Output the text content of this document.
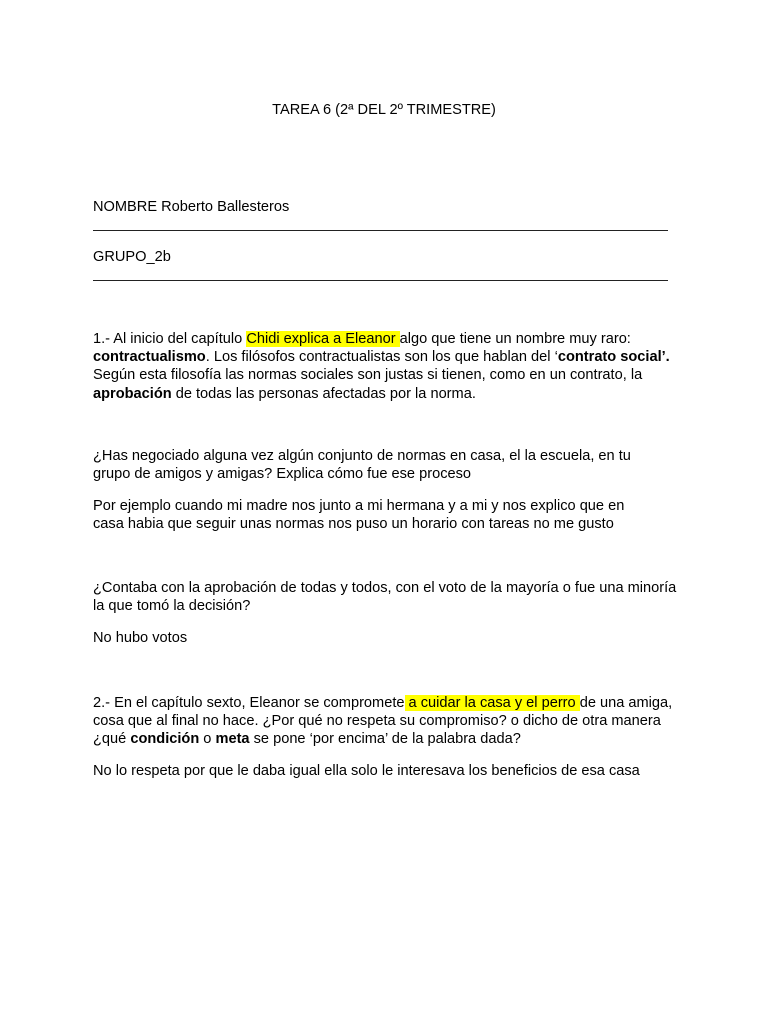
TAREA 6 (2ª DEL 2º TRIMESTRE)
NOMBRE Roberto Ballesteros
GRUPO_2b

1.- Al inicio del capítulo Chidi explica a Eleanor algo que tiene un nombre muy raro:

contractualismo. Los filósofos contractualistas son los que hablan del ‘contrato social’.

Según esta filosofía las normas sociales son justas si tienen, como en un contrato, la

aprobación de todas las personas afectadas por la norma.

¿Has negociado alguna vez algún conjunto de normas en casa, el la escuela, en tu grupo de amigos y amigas? Explica cómo fue ese proceso
Por ejemplo cuando mi madre nos junto a mi hermana y a mi y nos explico que en casa habia que seguir unas normas nos puso un horario con tareas no me gusto
¿Contaba con la aprobación de todas y todos, con el voto de la mayoría o fue una minoría la que tomó la decisión?
No hubo votos

2.- En el capítulo sexto, Eleanor se compromete a cuidar la casa y el perro de una amiga,

cosa que al final no hace. ¿Por qué no respeta su compromiso? o dicho de otra manera

¿qué condición o meta se pone ‘por encima’ de la palabra dada?

No lo respeta por que le daba igual ella solo le interesava los beneficios de esa casa
